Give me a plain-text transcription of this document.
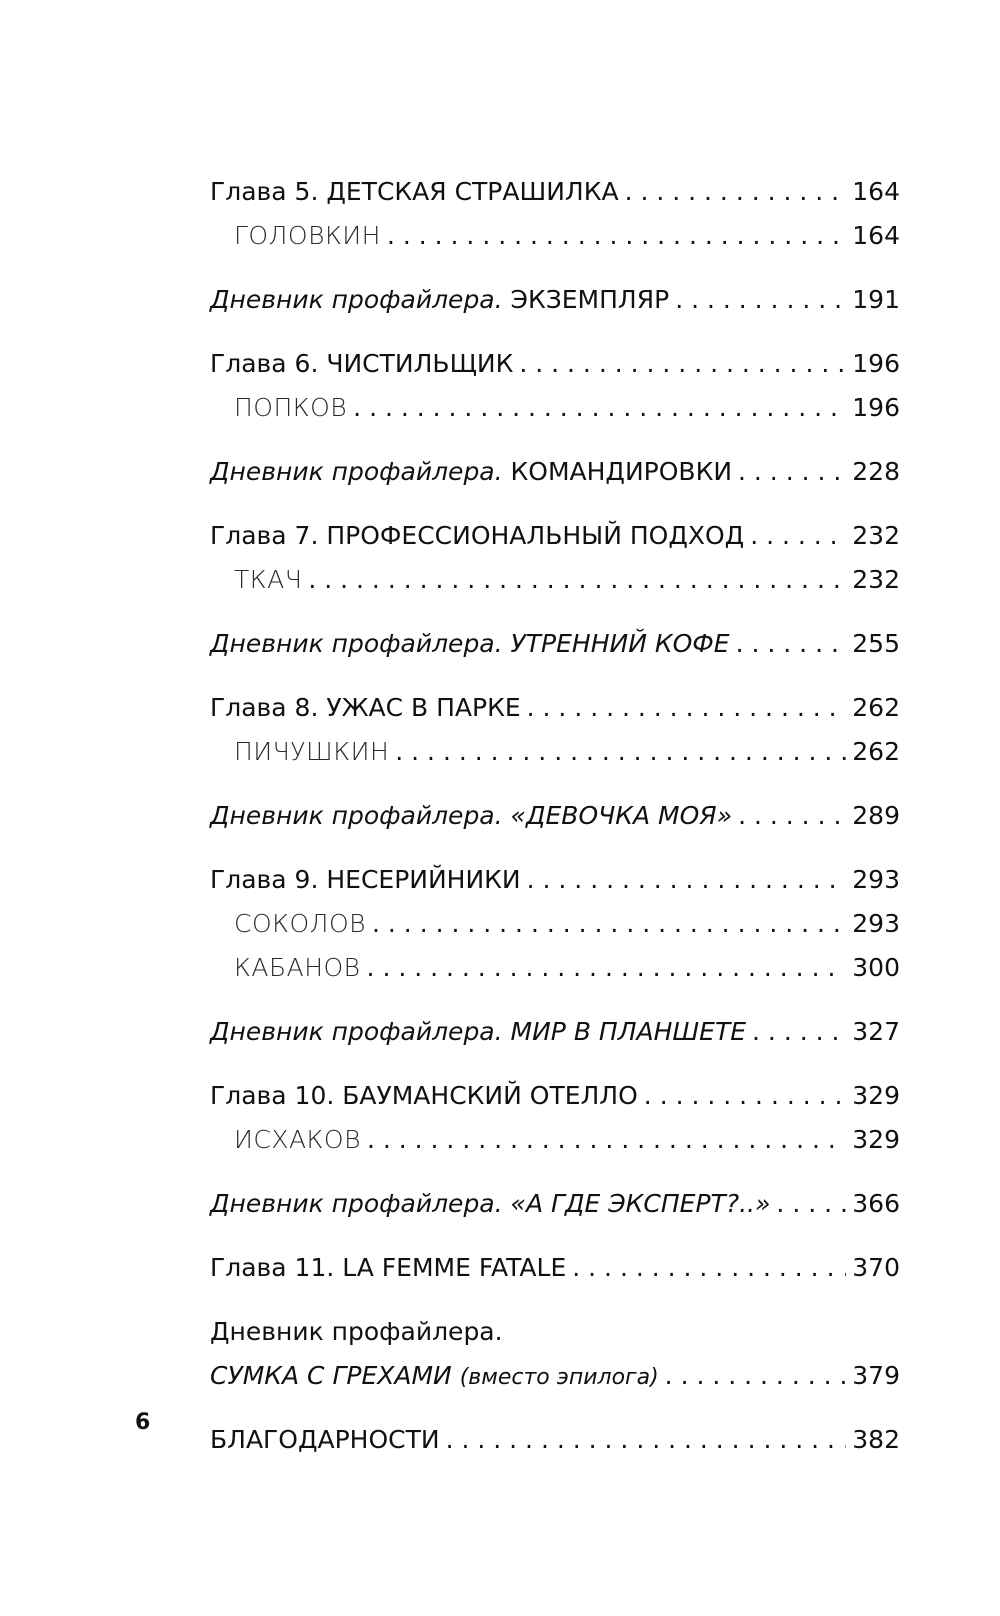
Глава 5. ДЕТСКАЯ СТРАШИЛКА . . .	164
ГОЛОВКИН . . .	164
Дневник профайлера. ЭКЗЕМПЛЯР . . .	191
Глава 6. ЧИСТИЛЬЩИК . . .	196
ПОПКОВ . . .	196
Дневник профайлера. КОМАНДИРОВКИ . . .	228
Глава 7. ПРОФЕССИОНАЛЬНЫЙ ПОДХОД . . .	232
ТКАЧ . . .	232
Дневник профайлера. УТРЕННИЙ КОФЕ . . .	255
Глава 8. УЖАС В ПАРКЕ . . .	262
ПИЧУШКИН . . .	262
Дневник профайлера. «ДЕВОЧКА МОЯ» . . .	289
Глава 9. НЕСЕРИЙНИКИ . . .	293
СОКОЛОВ . . .	293
КАБАНОВ . . .	300
Дневник профайлера. МИР В ПЛАНШЕТЕ . . .	327
Глава 10. БАУМАНСКИЙ ОТЕЛЛО . . .	329
ИСХАКОВ . . .	329
Дневник профайлера. «А ГДЕ ЭКСПЕРТ?..» . . .	366
Глава 11. LA FEMME FATALE . . .	370
Дневник профайлера.
СУМКА С ГРЕХАМИ (вместо эпилога) . . .	379
БЛАГОДАРНОСТИ . . .	382
6
